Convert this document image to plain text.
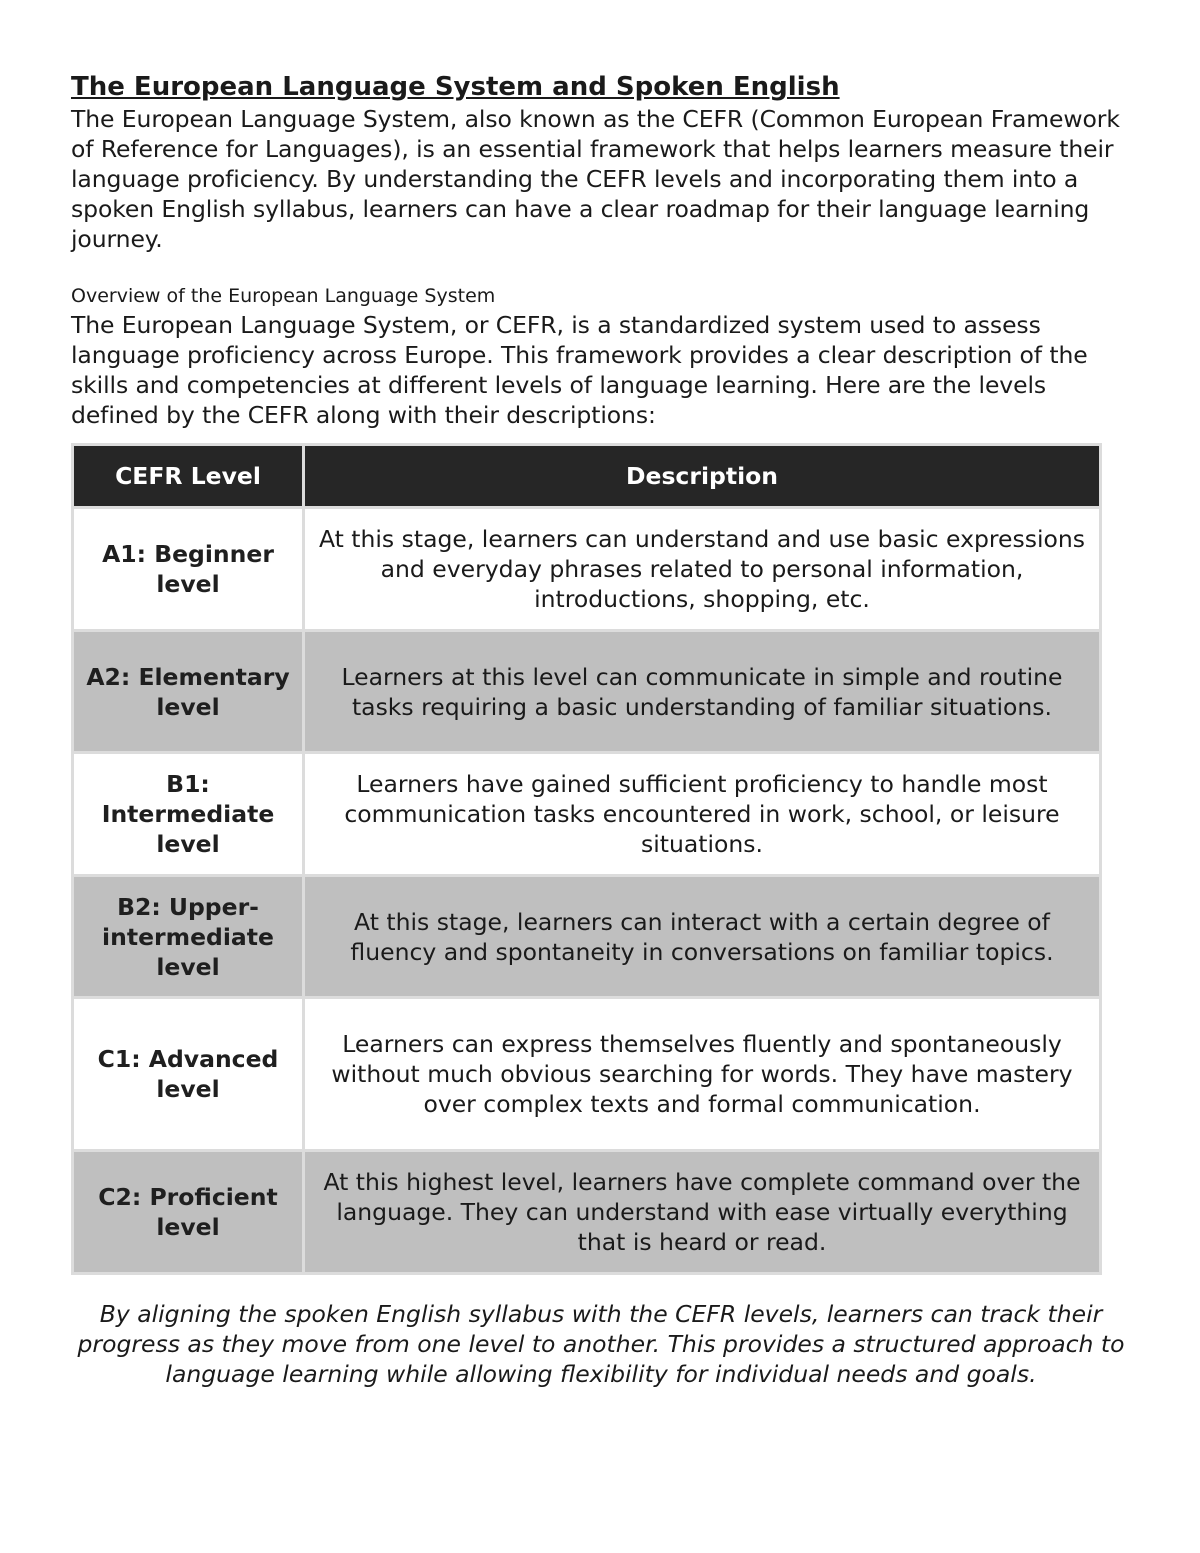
The European Language System and Spoken English

The European Language System, also known as the CEFR (Common European Framework of Reference for Languages), is an essential framework that helps learners measure their language proficiency. By understanding the CEFR levels and incorporating them into a spoken English syllabus, learners can have a clear roadmap for their language learning journey.

Overview of the European Language System

The European Language System, or CEFR, is a standardized system used to assess language proficiency across Europe. This framework provides a clear description of the skills and competencies at different levels of language learning. Here are the levels defined by the CEFR along with their descriptions:

CEFR Level	Description
A1: Beginner level	At this stage, learners can understand and use basic expressions and everyday phrases related to personal information, introductions, shopping, etc.
A2: Elementary level	Learners at this level can communicate in simple and routine tasks requiring a basic understanding of familiar situations.
B1: Intermediate level	Learners have gained sufficient proficiency to handle most communication tasks encountered in work, school, or leisure situations.
B2: Upper-intermediate level	At this stage, learners can interact with a certain degree of fluency and spontaneity in conversations on familiar topics.
C1: Advanced level	Learners can express themselves fluently and spontaneously without much obvious searching for words. They have mastery over complex texts and formal communication.
C2: Proficient level	At this highest level, learners have complete command over the language. They can understand with ease virtually everything that is heard or read.

By aligning the spoken English syllabus with the CEFR levels, learners can track their progress as they move from one level to another. This provides a structured approach to language learning while allowing flexibility for individual needs and goals.
